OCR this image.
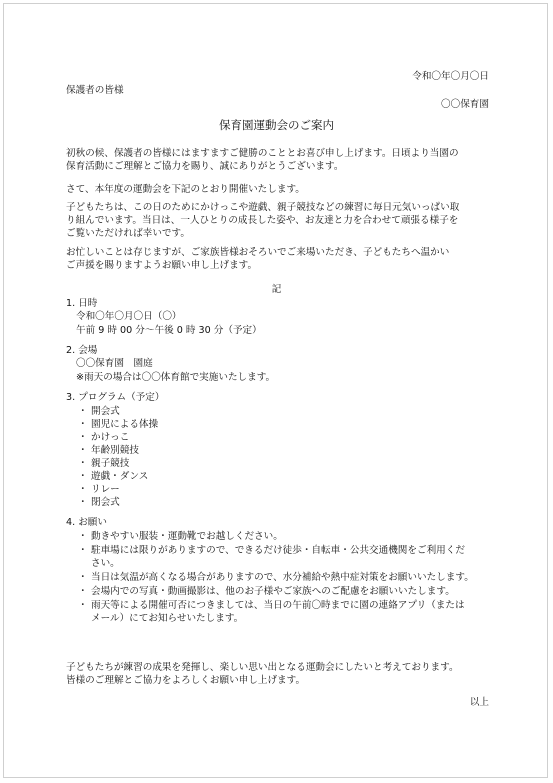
令和〇年〇月〇日
保護者の皆様
〇〇保育園
保育園運動会のご案内
初秋の候、保護者の皆様にはますますご健勝のこととお喜び申し上げます。日頃より当園の
保育活動にご理解とご協力を賜り、誠にありがとうございます。
さて、本年度の運動会を下記のとおり開催いたします。
子どもたちは、この日のためにかけっこや遊戯、親子競技などの練習に毎日元気いっぱい取
り組んでいます。当日は、一人ひとりの成長した姿や、お友達と力を合わせて頑張る様子を
ご覧いただければ幸いです。
お忙しいことは存じますが、ご家族皆様おそろいでご来場いただき、子どもたちへ温かい
ご声援を賜りますようお願い申し上げます。
記
1. 日時
令和〇年〇月〇日（〇）
午前 9 時 00 分～午後 0 時 30 分（予定）
2. 会場
〇〇保育園　園庭
※雨天の場合は〇〇体育館で実施いたします。
3. プログラム（予定）
・ 開会式
・ 園児による体操
・ かけっこ
・ 年齢別競技
・ 親子競技
・ 遊戯・ダンス
・ リレー
・ 閉会式
4. お願い
・ 動きやすい服装・運動靴でお越しください。
・ 駐車場には限りがありますので、できるだけ徒歩・自転車・公共交通機関をご利用くだ
さい。
・ 当日は気温が高くなる場合がありますので、水分補給や熱中症対策をお願いいたします。
・ 会場内での写真・動画撮影は、他のお子様やご家族へのご配慮をお願いいたします。
・ 雨天等による開催可否につきましては、当日の午前〇時までに園の連絡アプリ（または
メール）にてお知らせいたします。
子どもたちが練習の成果を発揮し、楽しい思い出となる運動会にしたいと考えております。
皆様のご理解とご協力をよろしくお願い申し上げます。
以上
